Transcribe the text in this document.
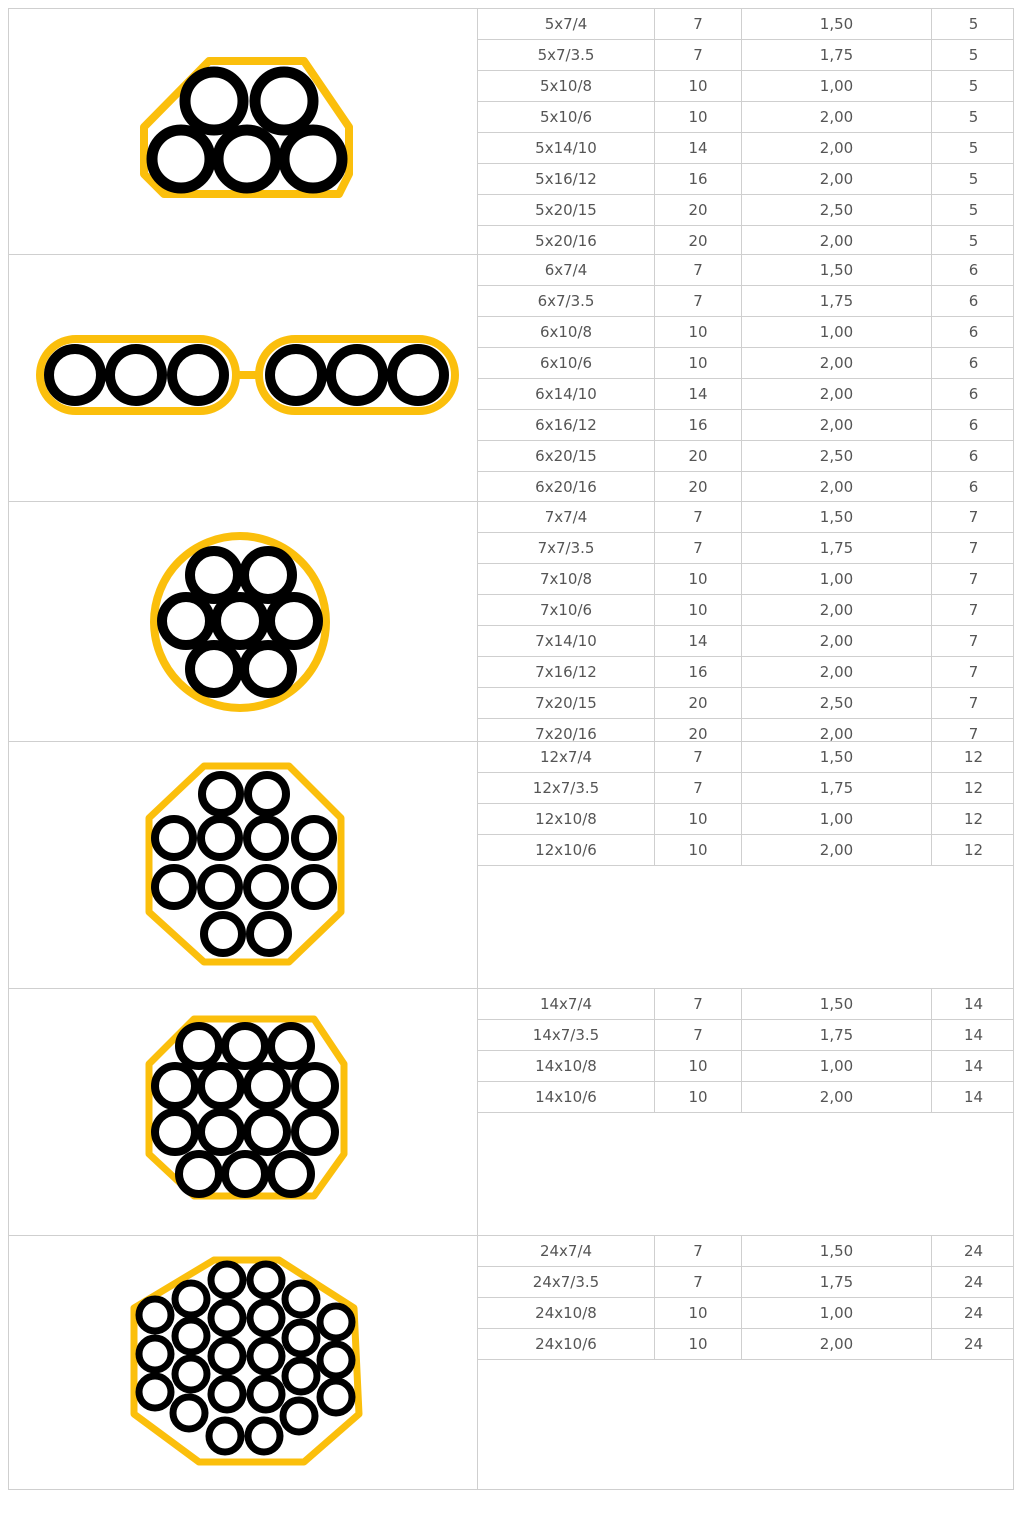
5x7/4	7	1,50	5
5x7/3.5	7	1,75	5
5x10/8	10	1,00	5
5x10/6	10	2,00	5
5x14/10	14	2,00	5
5x16/12	16	2,00	5
5x20/15	20	2,50	5
5x20/16	20	2,00	5
6x7/4	7	1,50	6
6x7/3.5	7	1,75	6
6x10/8	10	1,00	6
6x10/6	10	2,00	6
6x14/10	14	2,00	6
6x16/12	16	2,00	6
6x20/15	20	2,50	6
6x20/16	20	2,00	6
7x7/4	7	1,50	7
7x7/3.5	7	1,75	7
7x10/8	10	1,00	7
7x10/6	10	2,00	7
7x14/10	14	2,00	7
7x16/12	16	2,00	7
7x20/15	20	2,50	7
7x20/16	20	2,00	7
12x7/4	7	1,50	12
12x7/3.5	7	1,75	12
12x10/8	10	1,00	12
12x10/6	10	2,00	12
14x7/4	7	1,50	14
14x7/3.5	7	1,75	14
14x10/8	10	1,00	14
14x10/6	10	2,00	14
24x7/4	7	1,50	24
24x7/3.5	7	1,75	24
24x10/8	10	1,00	24
24x10/6	10	2,00	24
